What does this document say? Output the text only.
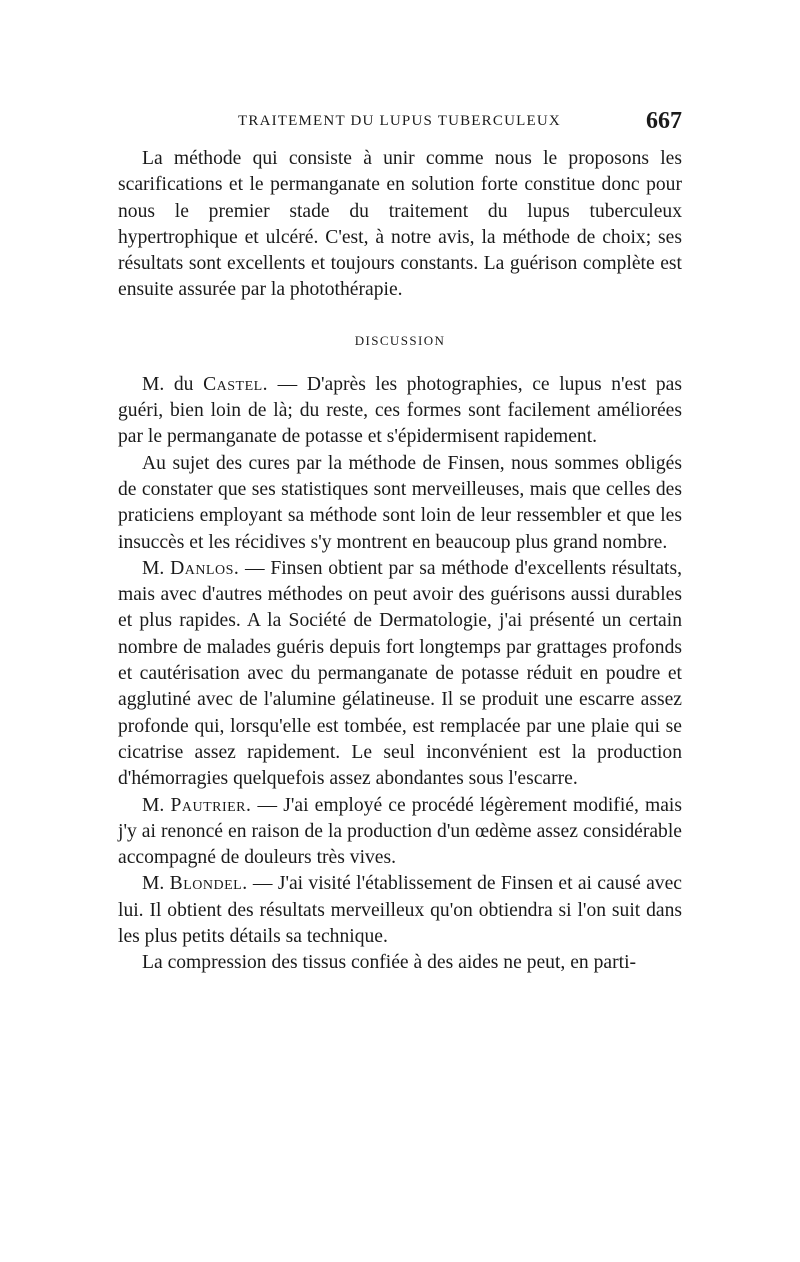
TRAITEMENT DU LUPUS TUBERCULEUX	667

La méthode qui consiste à unir comme nous le proposons les scarifications et le permanganate en solution forte constitue donc pour nous le premier stade du traitement du lupus tuberculeux hypertrophique et ulcéré. C'est, à notre avis, la méthode de choix; ses résultats sont excellents et toujours constants. La guérison complète est ensuite assurée par la photothérapie.

DISCUSSION

M. du Castel. — D'après les photographies, ce lupus n'est pas guéri, bien loin de là; du reste, ces formes sont facilement améliorées par le permanganate de potasse et s'épidermisent rapidement.

Au sujet des cures par la méthode de Finsen, nous sommes obligés de constater que ses statistiques sont merveilleuses, mais que celles des praticiens employant sa méthode sont loin de leur ressembler et que les insuccès et les récidives s'y montrent en beaucoup plus grand nombre.

M. Danlos. — Finsen obtient par sa méthode d'excellents résultats, mais avec d'autres méthodes on peut avoir des guérisons aussi durables et plus rapides. A la Société de Dermatologie, j'ai présenté un certain nombre de malades guéris depuis fort longtemps par grattages profonds et cautérisation avec du permanganate de potasse réduit en poudre et agglutiné avec de l'alumine gélatineuse. Il se produit une escarre assez profonde qui, lorsqu'elle est tombée, est remplacée par une plaie qui se cicatrise assez rapidement. Le seul inconvénient est la production d'hémorragies quelquefois assez abondantes sous l'escarre.

M. Pautrier. — J'ai employé ce procédé légèrement modifié, mais j'y ai renoncé en raison de la production d'un œdème assez considérable accompagné de douleurs très vives.

M. Blondel. — J'ai visité l'établissement de Finsen et ai causé avec lui. Il obtient des résultats merveilleux qu'on obtiendra si l'on suit dans les plus petits détails sa technique.

La compression des tissus confiée à des aides ne peut, en parti-
